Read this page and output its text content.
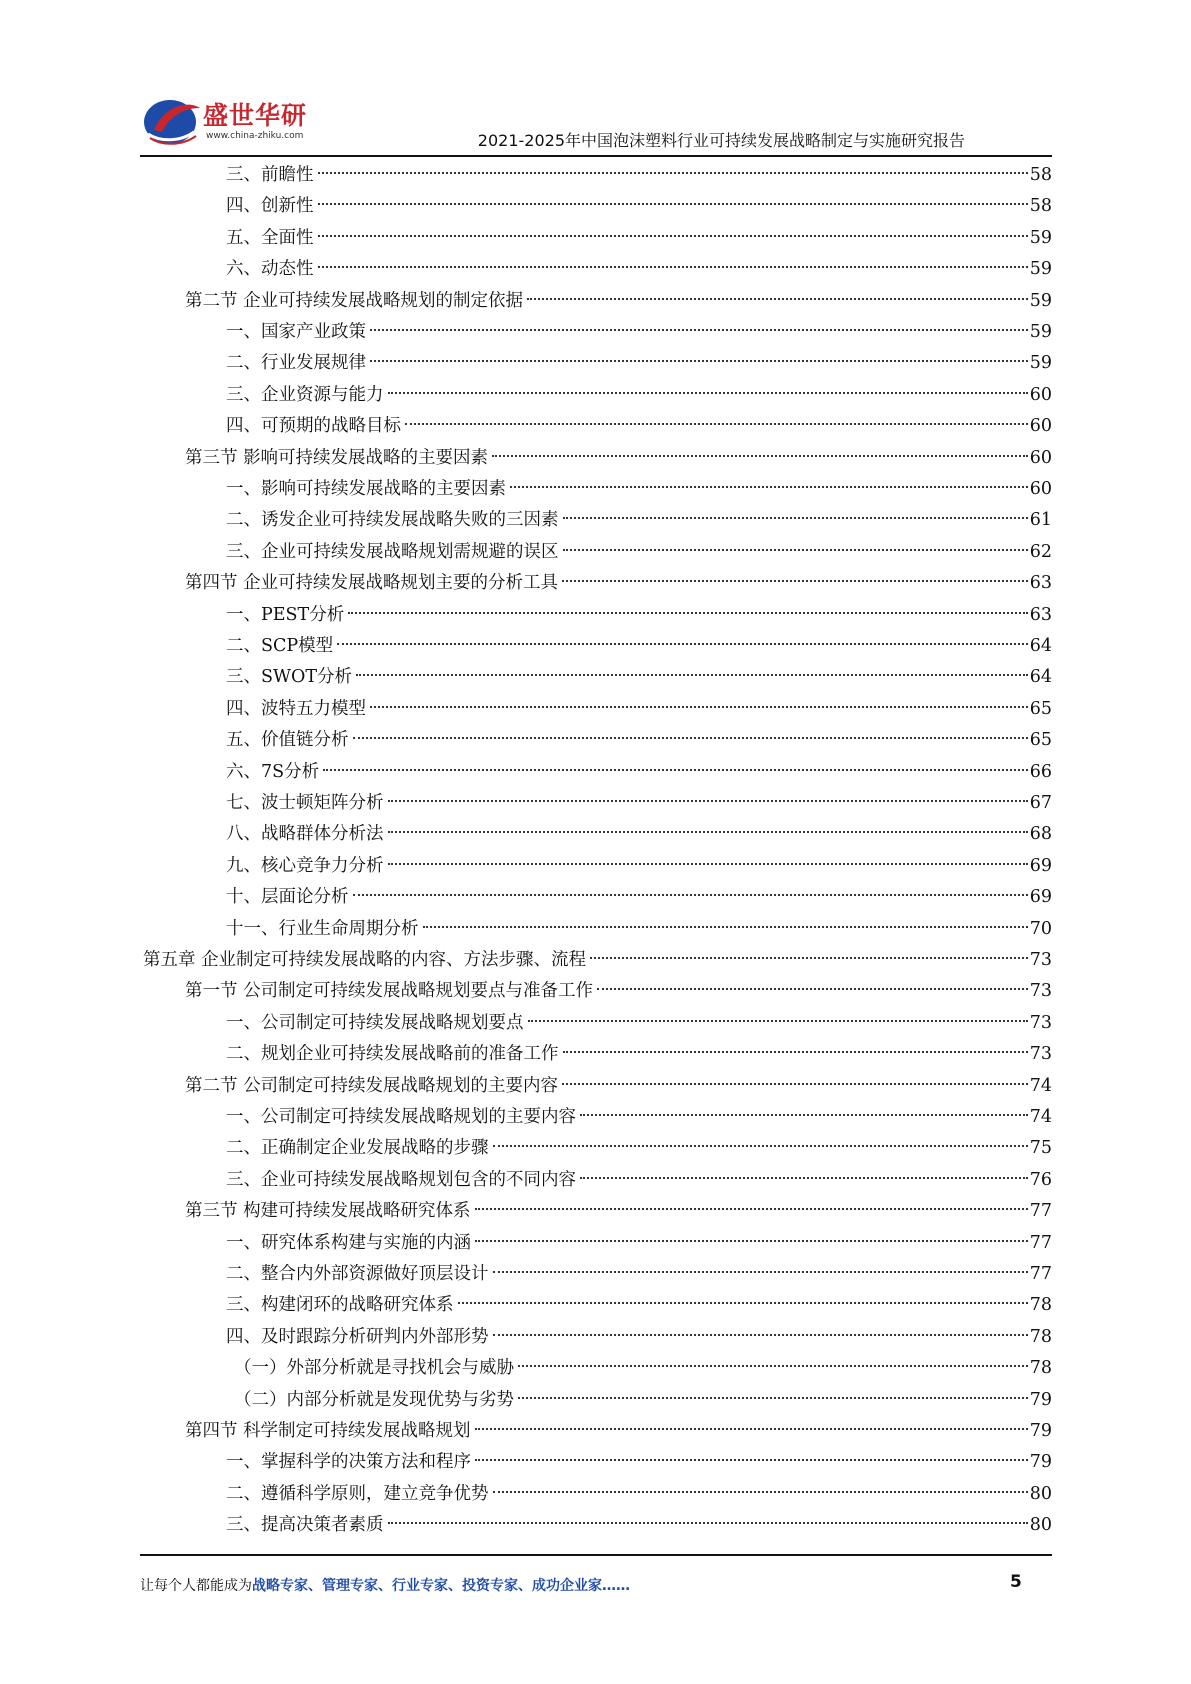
盛世华研
www.china-zhiku.com	2021-2025年中国泡沫塑料行业可持续发展战略制定与实施研究报告
三、前瞻性	58
四、创新性	58
五、全面性	59
六、动态性	59
第二节 企业可持续发展战略规划的制定依据	59
一、国家产业政策	59
二、行业发展规律	59
三、企业资源与能力	60
四、可预期的战略目标	60
第三节 影响可持续发展战略的主要因素	60
一、影响可持续发展战略的主要因素	60
二、诱发企业可持续发展战略失败的三因素	61
三、企业可持续发展战略规划需规避的误区	62
第四节 企业可持续发展战略规划主要的分析工具	63
一、PEST分析	63
二、SCP模型	64
三、SWOT分析	64
四、波特五力模型	65
五、价值链分析	65
六、7S分析	66
七、波士顿矩阵分析	67
八、战略群体分析法	68
九、核心竞争力分析	69
十、层面论分析	69
十一、行业生命周期分析	70
第五章 企业制定可持续发展战略的内容、方法步骤、流程	73
第一节 公司制定可持续发展战略规划要点与准备工作	73
一、公司制定可持续发展战略规划要点	73
二、规划企业可持续发展战略前的准备工作	73
第二节 公司制定可持续发展战略规划的主要内容	74
一、公司制定可持续发展战略规划的主要内容	74
二、正确制定企业发展战略的步骤	75
三、企业可持续发展战略规划包含的不同内容	76
第三节 构建可持续发展战略研究体系	77
一、研究体系构建与实施的内涵	77
二、整合内外部资源做好顶层设计	77
三、构建闭环的战略研究体系	78
四、及时跟踪分析研判内外部形势	78
（一）外部分析就是寻找机会与威胁	78
（二）内部分析就是发现优势与劣势	79
第四节 科学制定可持续发展战略规划	79
一、掌握科学的决策方法和程序	79
二、遵循科学原则，建立竞争优势	80
三、提高决策者素质	80
让每个人都能成为战略专家、管理专家、行业专家、投资专家、成功企业家……	5
